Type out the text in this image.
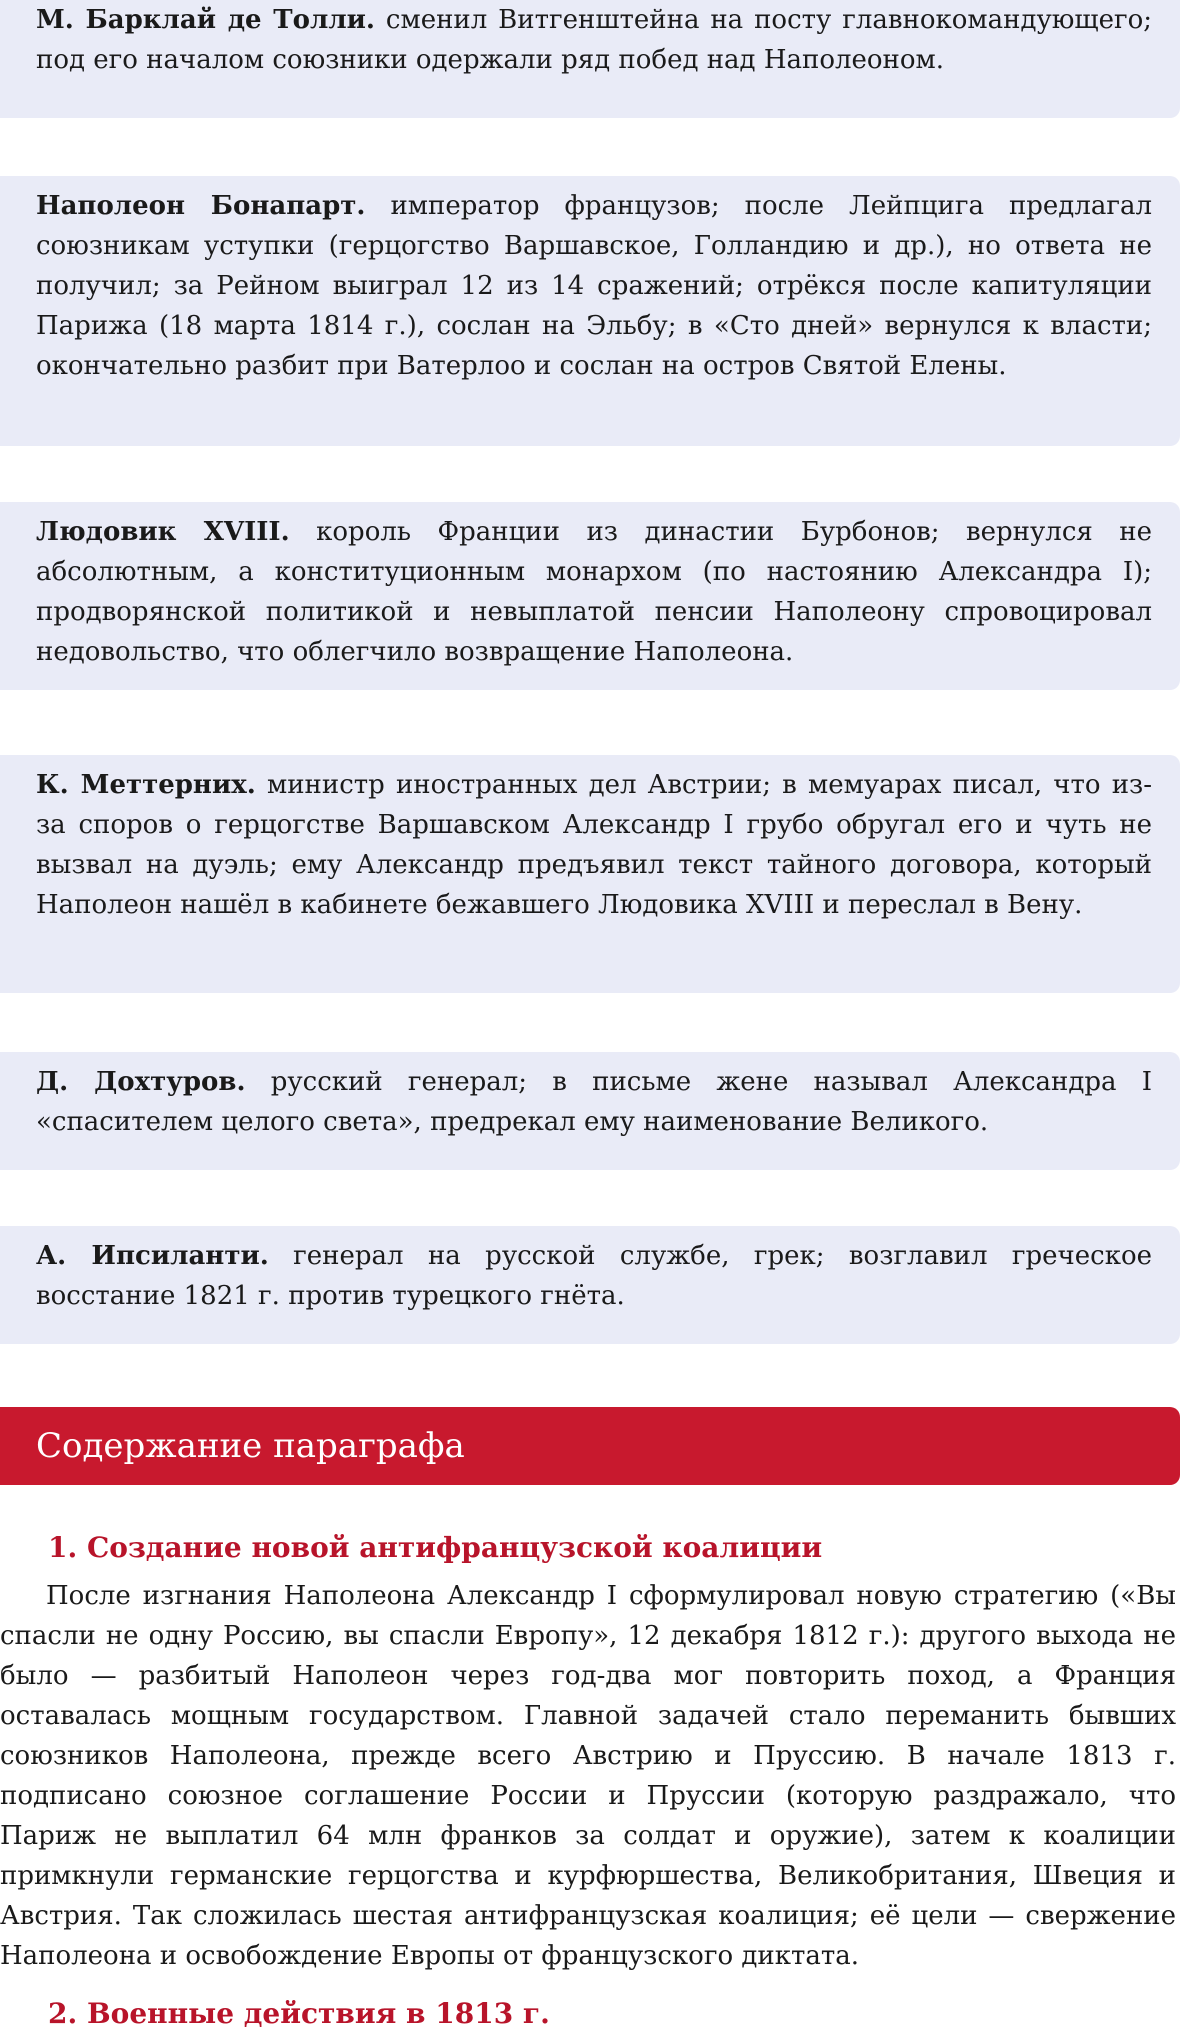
М. Барклай де Толли. сменил Витгенштейна на посту главнокомандующего; под его началом союзники одержали ряд побед над Наполеоном.
Наполеон Бонапарт. император французов; после Лейпцига предлагал союзникам уступки (герцогство Варшавское, Голландию и др.), но ответа не получил; за Рейном выиграл 12 из 14 сражений; отрёкся после капитуляции Парижа (18 марта 1814 г.), сослан на Эльбу; в «Сто дней» вернулся к власти; окончательно разбит при Ватерлоо и сослан на остров Святой Елены.
Людовик XVIII. король Франции из династии Бурбонов; вернулся не абсолютным, а конституционным монархом (по настоянию Александра I); продворянской политикой и невыплатой пенсии Наполеону спровоцировал недовольство, что облегчило возвращение Наполеона.
К. Меттерних. министр иностранных дел Австрии; в мемуарах писал, что из-за споров о герцогстве Варшавском Александр I грубо обругал его и чуть не вызвал на дуэль; ему Александр предъявил текст тайного договора, который Наполеон нашёл в кабинете бежавшего Людовика XVIII и переслал в Вену.
Д. Дохтуров. русский генерал; в письме жене называл Александра I «спасителем целого света», предрекал ему наименование Великого.
А. Ипсиланти. генерал на русской службе, грек; возглавил греческое восстание 1821 г. против турецкого гнёта.
Содержание параграфа
1. Создание новой антифранцузской коалиции
После изгнания Наполеона Александр I сформулировал новую стратегию («Вы спасли не одну Россию, вы спасли Европу», 12 декабря 1812 г.): другого выхода не было — разбитый Наполеон через год-два мог повторить поход, а Франция оставалась мощным государством. Главной задачей стало переманить бывших союзников Наполеона, прежде всего Австрию и Пруссию. В начале 1813 г. подписано союзное соглашение России и Пруссии (которую раздражало, что Париж не выплатил 64 млн франков за солдат и оружие), затем к коалиции примкнули германские герцогства и курфюршества, Великобритания, Швеция и Австрия. Так сложилась шестая антифранцузская коалиция; её цели — свержение Наполеона и освобождение Европы от французского диктата.
2. Военные действия в 1813 г.
